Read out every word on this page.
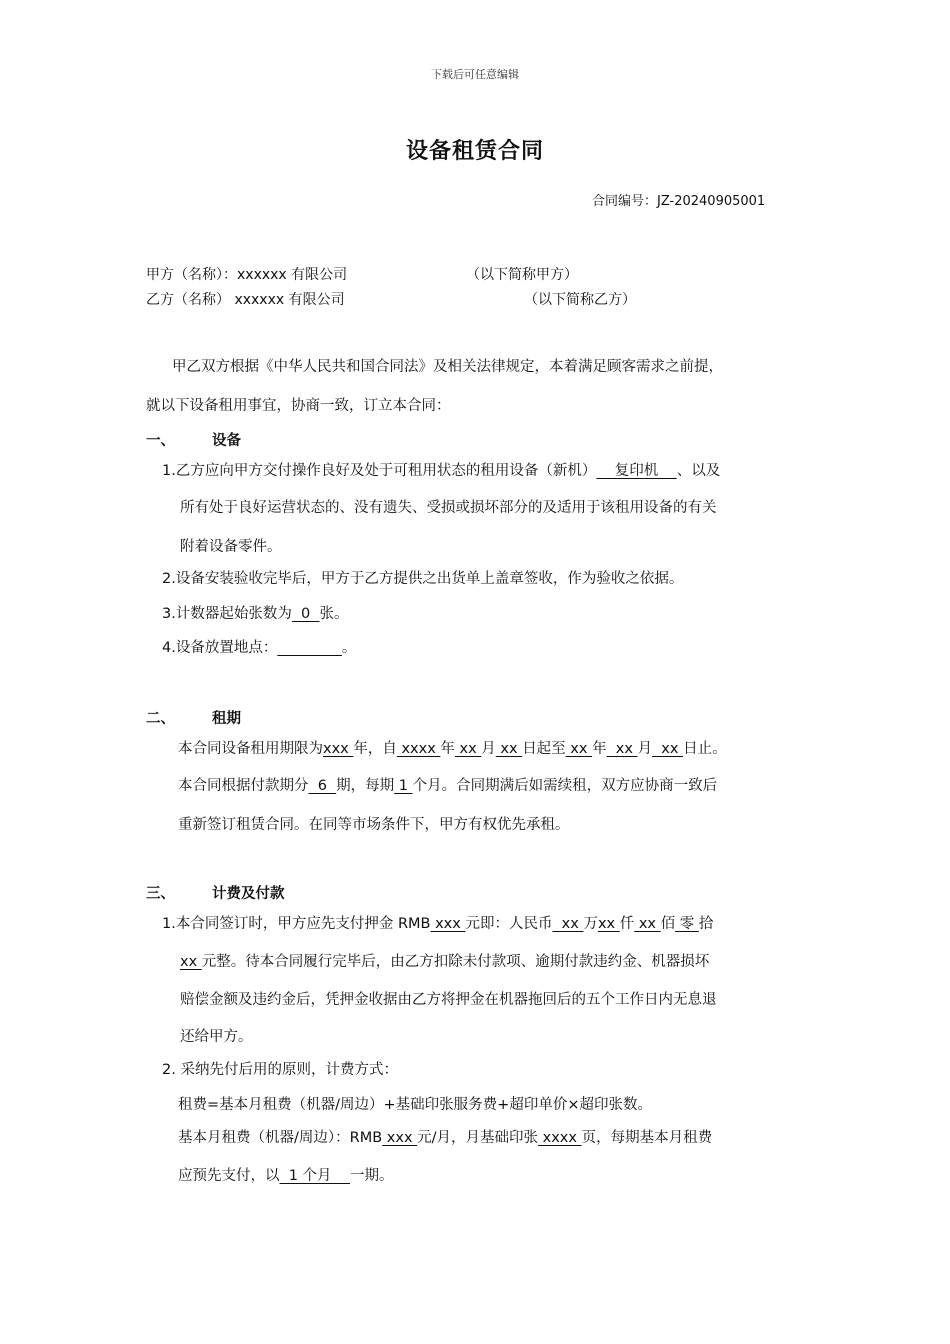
下载后可任意编辑
设备租赁合同
合同编号：JZ-20240905001
甲方（名称）：xxxxxx 有限公司	（以下简称甲方）
乙方（名称） xxxxxx 有限公司	（以下简称乙方）
甲乙双方根据《中华人民共和国合同法》及相关法律规定，本着满足顾客需求之前提，
就以下设备租用事宜，协商一致，订立本合同：
一、	设备
1.乙方应向甲方交付操作良好及处于可租用状态的租用设备（新机）    复印机    、以及
所有处于良好运营状态的、没有遗失、受损或损坏部分的及适用于该租用设备的有关
附着设备零件。
2.设备安装验收完毕后，甲方于乙方提供之出货单上盖章签收，作为验收之依据。
3.计数器起始张数为  0  张。
4.设备放置地点：	。
二、	租期
本合同设备租用期限为xxx 年，自 xxxx 年 xx 月 xx 日起至 xx 年  xx 月  xx 日止。
本合同根据付款期分  6  期，每期 1 个月。合同期满后如需续租，双方应协商一致后
重新签订租赁合同。在同等市场条件下，甲方有权优先承租。
三、	计费及付款
1.本合同签订时，甲方应先支付押金 RMB xxx 元即：人民币  xx 万xx 仟 xx 佰 零 拾
xx 元整。待本合同履行完毕后，由乙方扣除未付款项、逾期付款违约金、机器损坏
赔偿金额及违约金后，凭押金收据由乙方将押金在机器拖回后的五个工作日内无息退
还给甲方。
2. 采纳先付后用的原则，计费方式：
租费=基本月租费（机器/周边）+基础印张服务费+超印单价×超印张数。
基本月租费（机器/周边）：RMB xxx 元/月，月基础印张 xxxx 页，每期基本月租费
应预先支付，以  1 个月    一期。
